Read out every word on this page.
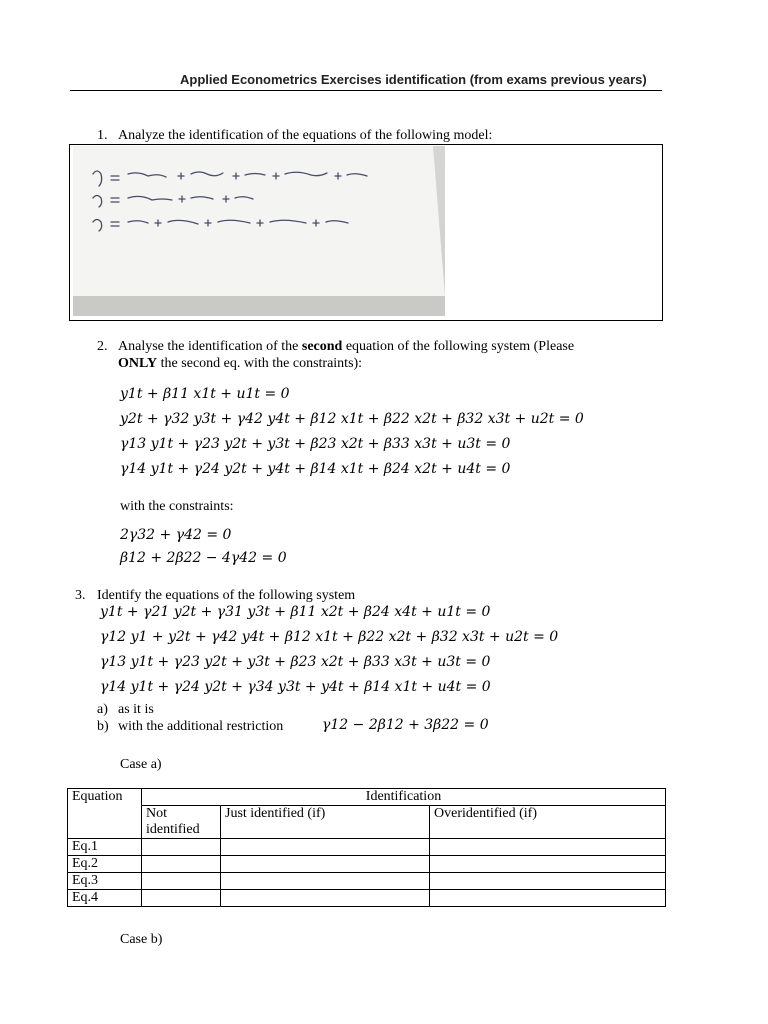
Applied Econometrics Exercises identification (from exams previous years)
1. Analyze the identification of the equations of the following model:
2. Analyse the identification of the second equation of the following system (Please
ONLY the second eq. with the constraints):
y1t + β11 x1t + u1t = 0
y2t + γ32 y3t + γ42 y4t + β12 x1t + β22 x2t + β32 x3t + u2t = 0
γ13 y1t + γ23 y2t + y3t + β23 x2t + β33 x3t + u3t = 0
γ14 y1t + γ24 y2t + y4t + β14 x1t + β24 x2t + u4t = 0
with the constraints:
2γ32 + γ42 = 0
β12 + 2β22 − 4γ42 = 0
3. Identify the equations of the following system
y1t + γ21 y2t + γ31 y3t + β11 x2t + β24 x4t + u1t = 0
γ12 y1 + y2t + γ42 y4t + β12 x1t + β22 x2t + β32 x3t + u2t = 0
γ13 y1t + γ23 y2t + y3t + β23 x2t + β33 x3t + u3t = 0
γ14 y1t + γ24 y2t + γ34 y3t + y4t + β14 x1t + u4t = 0
a) as it is
b) with the additional restriction	γ12 − 2β12 + 3β22 = 0
Case a)
Equation	Identification		
	Not identified	Just identified (if)	Overidentified (if)
Eq.1			
Eq.2			
Eq.3			
Eq.4			
Case b)
